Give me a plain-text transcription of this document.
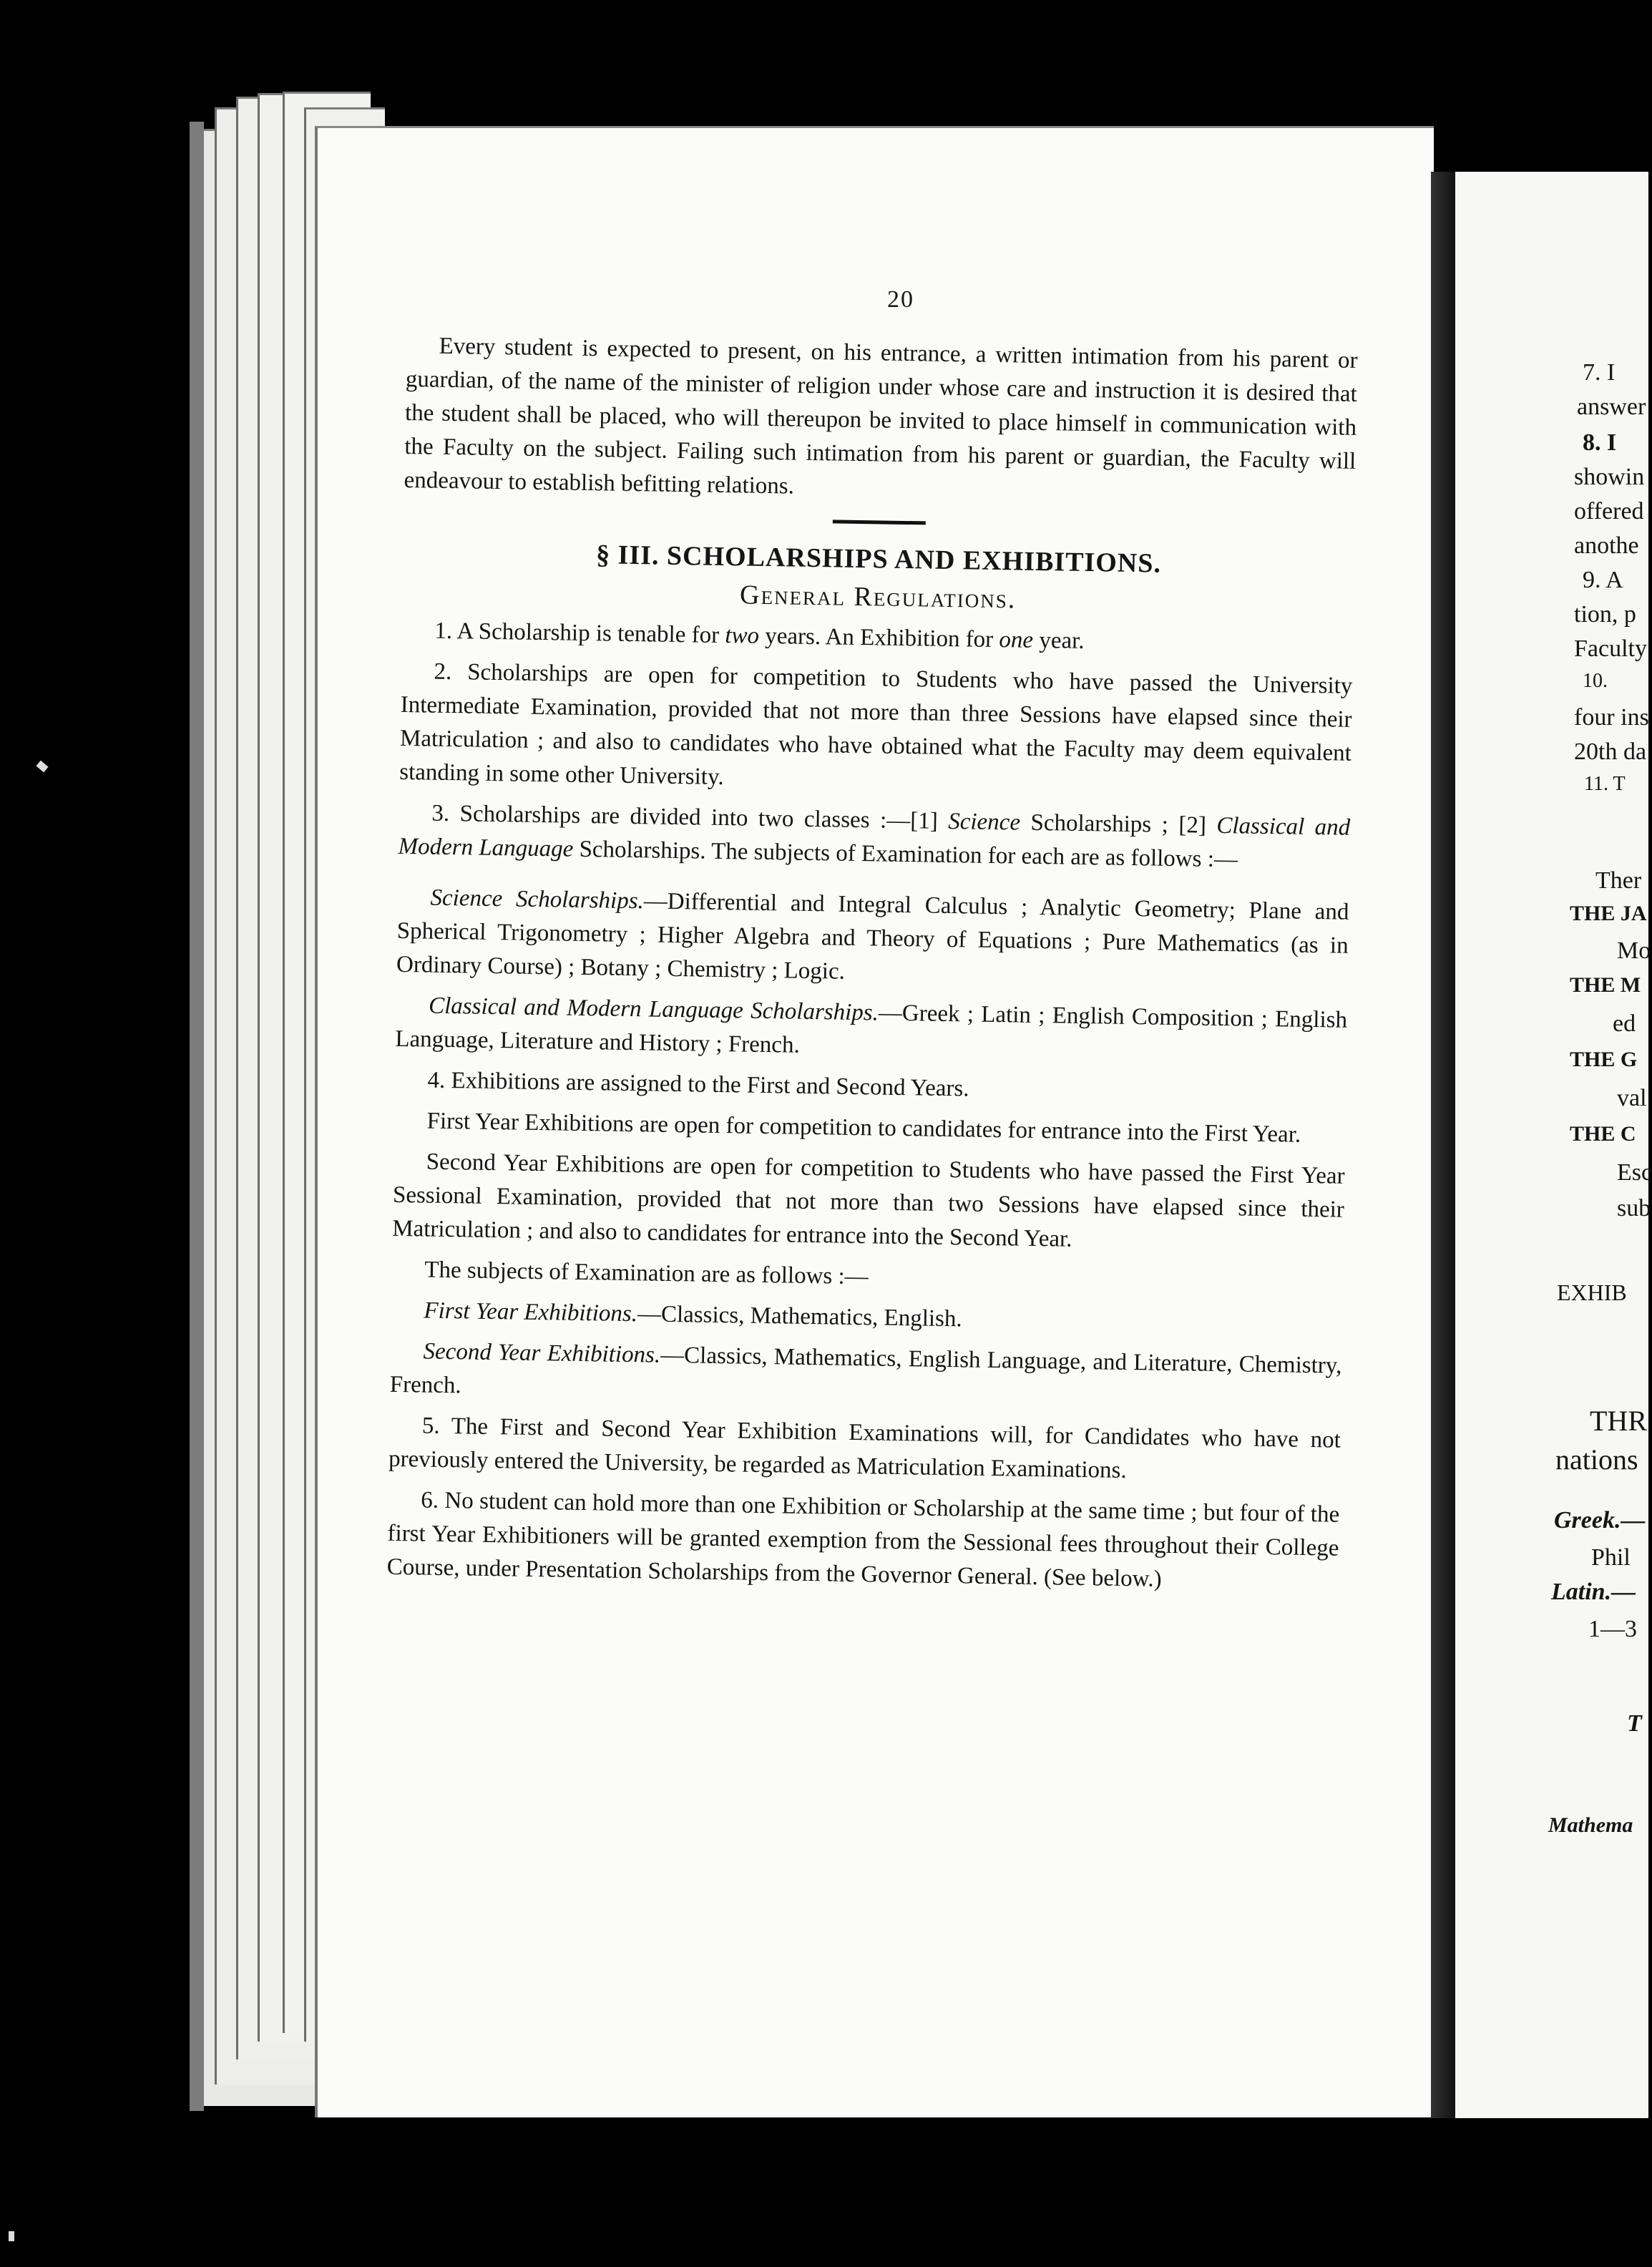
7. I
answer
8. I
showin
offered
anothe
9. A
tion, p
Faculty
10.
four ins
20th da
11. T
Ther
THE JA
Mo
THE M
ed
THE G
val
THE C
Esc
sub
EXHIB
THR
nations
Greek.—
Phil
Latin.—
1—3
T
Mathema
20

Every student is expected to present, on his entrance, a written intimation from his parent or guardian, of the name of the minister of religion under whose care and instruction it is desired that the student shall be placed, who will thereupon be invited to place himself in communication with the Faculty on the subject. Failing such intimation from his parent or guardian, the Faculty will endeavour to establish befitting relations.

§ III. SCHOLARSHIPS AND EXHIBITIONS.
General Regulations.

1. A Scholarship is tenable for two years. An Exhibition for one year.

2. Scholarships are open for competition to Students who have passed the University Intermediate Examination, provided that not more than three Sessions have elapsed since their Matriculation ; and also to candidates who have obtained what the Faculty may deem equivalent standing in some other University.

3. Scholarships are divided into two classes :—[1] Science Scholarships ; [2] Classical and Modern Language Scholarships. The subjects of Examination for each are as follows :—

Science Scholarships.—Differential and Integral Calculus ; Analytic Geometry; Plane and Spherical Trigonometry ; Higher Algebra and Theory of Equations ; Pure Mathematics (as in Ordinary Course) ; Botany ; Chemistry ; Logic.

Classical and Modern Language Scholarships.—Greek ; Latin ; English Composition ; English Language, Literature and History ; French.

4. Exhibitions are assigned to the First and Second Years.

First Year Exhibitions are open for competition to candidates for entrance into the First Year.

Second Year Exhibitions are open for competition to Students who have passed the First Year Sessional Examination, provided that not more than two Sessions have elapsed since their Matriculation ; and also to candidates for entrance into the Second Year.

The subjects of Examination are as follows :—

First Year Exhibitions.—Classics, Mathematics, English.

Second Year Exhibitions.—Classics, Mathematics, English Language, and Literature, Chemistry, French.

5. The First and Second Year Exhibition Examinations will, for Candidates who have not previously entered the University, be regarded as Matriculation Examinations.

6. No student can hold more than one Exhibition or Scholarship at the same time ; but four of the first Year Exhibitioners will be granted exemption from the Sessional fees throughout their College Course, under Presentation Scholarships from the Governor General. (See below.)
